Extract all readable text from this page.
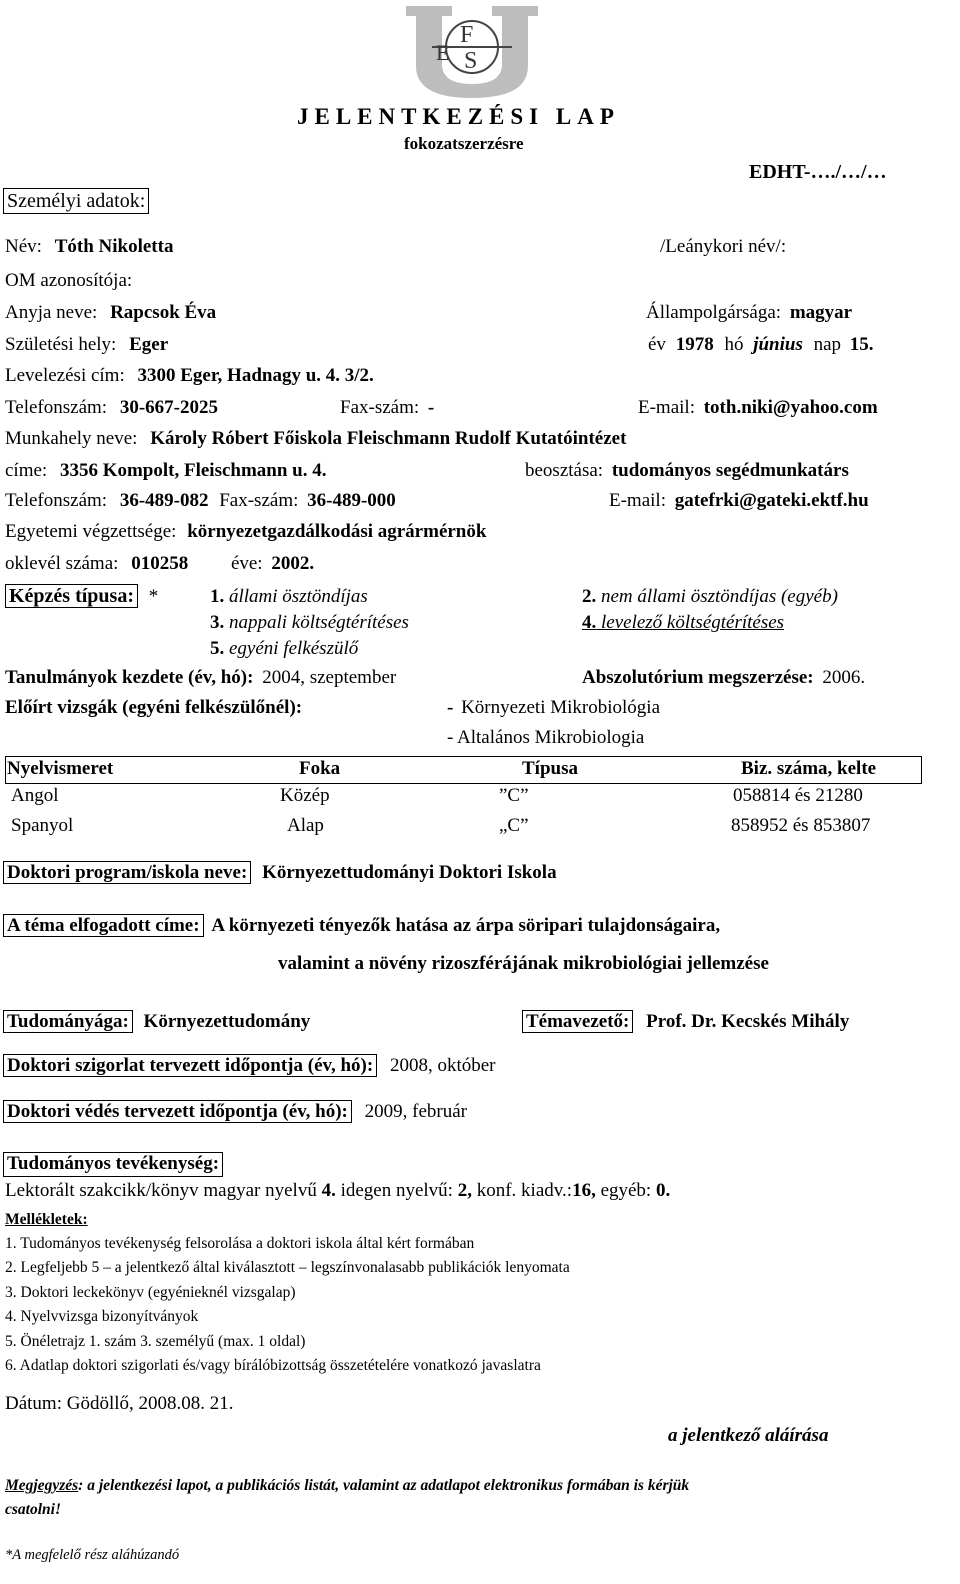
F
S
E
JELENTKEZÉSI LAP
fokozatszerzésre
EDHT-…./…/…
Személyi adatok:
Név: Tóth Nikoletta	/Leánykori név/:
OM azonosítója:
Anyja neve: Rapcsok Éva	Állampolgársága: magyar
Születési hely: Eger	év 1978 hó június nap 15.
Levelezési cím: 3300 Eger, Hadnagy u. 4. 3/2.
Telefonszám: 30-667-2025	Fax-szám: -	E-mail: toth.niki@yahoo.com
Munkahely neve: Károly Róbert Főiskola Fleischmann Rudolf Kutatóintézet
címe: 3356 Kompolt, Fleischmann u. 4.	beosztása: tudományos segédmunkatárs
Telefonszám: 36-489-082 Fax-szám: 36-489-000	E-mail: gatefrki@gateki.ektf.hu
Egyetemi végzettsége: környezetgazdálkodási agrármérnök
oklevél száma: 010258 éve: 2002.
Képzés típusa: *	1. állami ösztöndíjas	2. nem állami ösztöndíjas (egyéb)
3. nappali költségtérítéses	4. levelező költségtérítéses
5. egyéni felkészülő
Tanulmányok kezdete (év, hó): 2004, szeptember	Abszolutórium megszerzése: 2006.
Előírt vizsgák (egyéni felkészülőnél):	- Környezeti Mikrobiológia
- Altalános Mikrobiologia
Nyelvismeret	Foka	Típusa	Biz. száma, kelte
Angol	Közép	”C”	058814 és 21280
Spanyol	Alap	„C”	858952 és 853807
Doktori program/iskola neve: Környezettudományi Doktori Iskola
A téma elfogadott címe: A környezeti tényezők hatása az árpa söripari tulajdonságaira,
valamint a növény rizoszférájának mikrobiológiai jellemzése
Tudományága: Környezettudomány	Témavezető: Prof. Dr. Kecskés Mihály
Doktori szigorlat tervezett időpontja (év, hó): 2008, október
Doktori védés tervezett időpontja (év, hó): 2009, február
Tudományos tevékenység:
Lektorált szakcikk/könyv magyar nyelvű 4. idegen nyelvű: 2, konf. kiadv.:16, egyéb: 0.
Mellékletek:
1. Tudományos tevékenység felsorolása a doktori iskola által kért formában
2. Legfeljebb 5 – a jelentkező által kiválasztott – legszínvonalasabb publikációk lenyomata
3. Doktori leckekönyv (egyénieknél vizsgalap)
4. Nyelvvizsga bizonyítványok
5. Önéletrajz 1. szám 3. személyű (max. 1 oldal)
6. Adatlap doktori szigorlati és/vagy bírálóbizottság összetételére vonatkozó javaslatra
Dátum: Gödöllő, 2008.08. 21.
a jelentkező aláírása
Megjegyzés: a jelentkezési lapot, a publikációs listát, valamint az adatlapot elektronikus formában is kérjük
csatolni!
*A megfelelő rész aláhúzandó
